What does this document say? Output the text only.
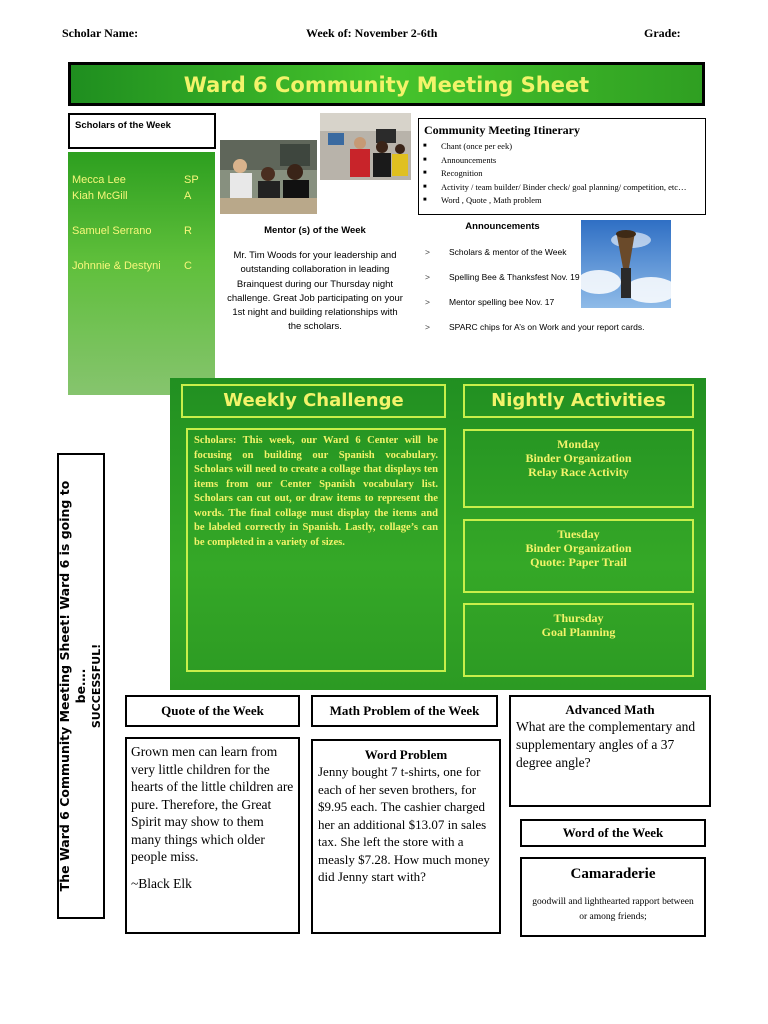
Scholar Name:	Week of: November 2-6th	Grade:
Ward 6 Community Meeting Sheet
Scholars of the Week
Mecca Lee	SP
Kiah McGill	A
Samuel Serrano	R
Johnnie & Destyni C
Mentor (s) of the Week
Mr. Tim Woods for your leadership and outstanding collaboration in leading Brainquest during our Thursday night challenge. Great Job participating on your 1st night and building relationships with the scholars.
Community Meeting Itinerary
■ Chant (once per eek)
■ Announcements
■ Recognition
■ Activity / team builder/ Binder check/ goal planning/ competition, etc…
■ Word , Quote , Math problem
Announcements
> Scholars & mentor of the Week
> Spelling Bee & Thanksfest Nov. 19
> Mentor spelling bee Nov. 17
> SPARC chips for A’s on Work and your report cards.
Weekly Challenge
Scholars: This week, our Ward 6 Center will be focusing on building our Spanish vocabulary. Scholars will need to create a collage that displays ten items from our Center Spanish vocabulary list. Scholars can cut out, or draw items to represent the words. The final collage must display the items and be labeled correctly in Spanish. Lastly, collage’s can be completed in a variety of sizes.
Nightly Activities
Monday
Binder Organization
Relay Race Activity
Tuesday
Binder Organization
Quote: Paper Trail
Thursday
Goal Planning
The Ward 6 Community Meeting Sheet! Ward 6 is going to be…. SUCCESSFUL!	Quote of the Week
Grown men can learn from very little children for the hearts of the little children are pure. Therefore, the Great Spirit may show to them many things which older people miss.
~Black Elk
Math Problem of the Week
Word Problem
Jenny bought 7 t-shirts, one for each of her seven brothers, for $9.95 each. The cashier charged her an additional $13.07 in sales tax. She left the store with a measly $7.28. How much money did Jenny start with?
Advanced Math
What are the complementary and supplementary angles of a 37 degree angle?
Word of the Week
Camaraderie
goodwill and lighthearted rapport between or among friends;
